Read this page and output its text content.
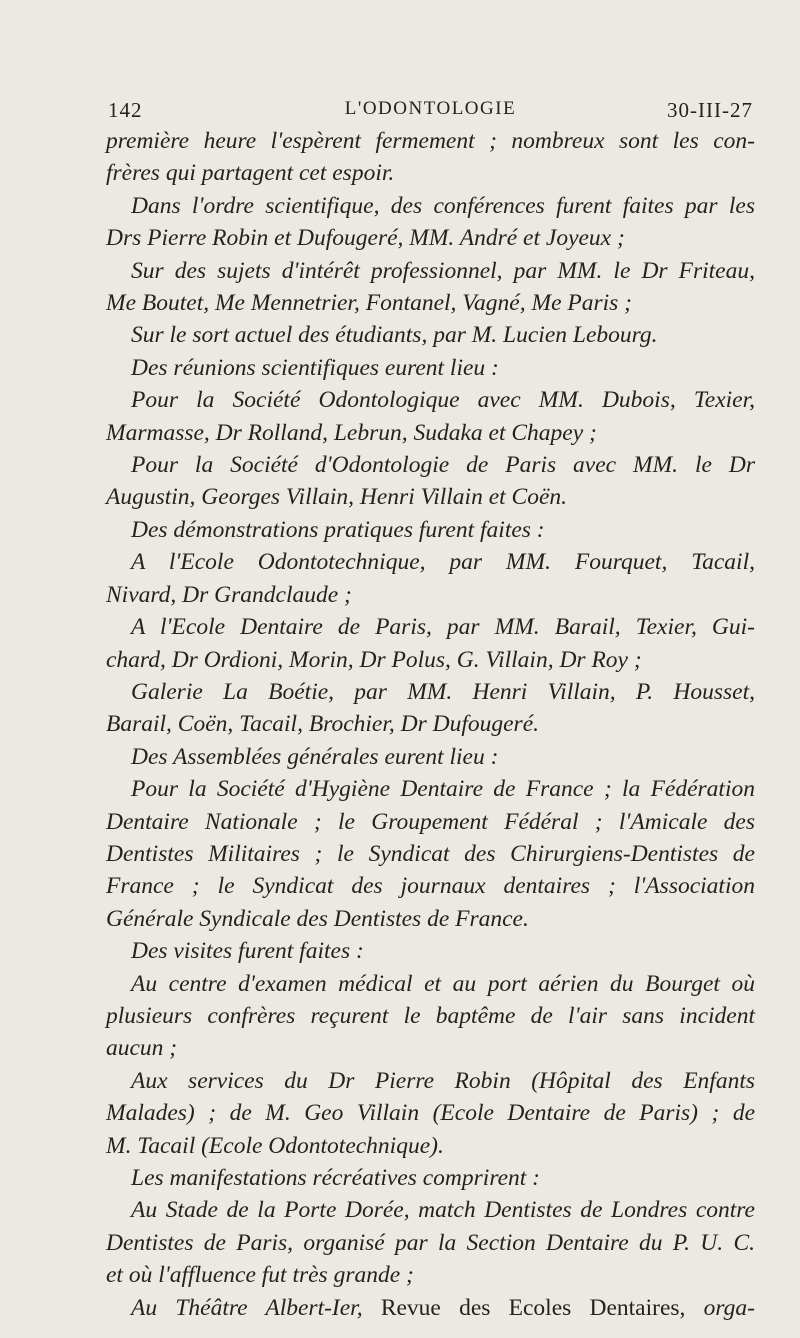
142	L'ODONTOLOGIE	30-III-27
première heure l'espèrent fermement ; nombreux sont les con-
frères qui partagent cet espoir.
Dans l'ordre scientifique, des conférences furent faites par les
Drs Pierre Robin et Dufougeré, MM. André et Joyeux ;
Sur des sujets d'intérêt professionnel, par MM. le Dr Friteau,
Me Boutet, Me Mennetrier, Fontanel, Vagné, Me Paris ;
Sur le sort actuel des étudiants, par M. Lucien Lebourg.
Des réunions scientifiques eurent lieu :
Pour la Société Odontologique avec MM. Dubois, Texier,
Marmasse, Dr Rolland, Lebrun, Sudaka et Chapey ;
Pour la Société d'Odontologie de Paris avec MM. le Dr
Augustin, Georges Villain, Henri Villain et Coën.
Des démonstrations pratiques furent faites :
A l'Ecole Odontotechnique, par MM. Fourquet, Tacail,
Nivard, Dr Grandclaude ;
A l'Ecole Dentaire de Paris, par MM. Barail, Texier, Gui-
chard, Dr Ordioni, Morin, Dr Polus, G. Villain, Dr Roy ;
Galerie La Boétie, par MM. Henri Villain, P. Housset,
Barail, Coën, Tacail, Brochier, Dr Dufougeré.
Des Assemblées générales eurent lieu :
Pour la Société d'Hygiène Dentaire de France ; la Fédération
Dentaire Nationale ; le Groupement Fédéral ; l'Amicale des
Dentistes Militaires ; le Syndicat des Chirurgiens-Dentistes de
France ; le Syndicat des journaux dentaires ; l'Association
Générale Syndicale des Dentistes de France.
Des visites furent faites :
Au centre d'examen médical et au port aérien du Bourget où
plusieurs confrères reçurent le baptême de l'air sans incident
aucun ;
Aux services du Dr Pierre Robin (Hôpital des Enfants
Malades) ; de M. Geo Villain (Ecole Dentaire de Paris) ; de
M. Tacail (Ecole Odontotechnique).
Les manifestations récréatives comprirent :
Au Stade de la Porte Dorée, match Dentistes de Londres contre
Dentistes de Paris, organisé par la Section Dentaire du P. U. C.
et où l'affluence fut très grande ;
Au Théâtre Albert-Ier, Revue des Ecoles Dentaires, orga-
